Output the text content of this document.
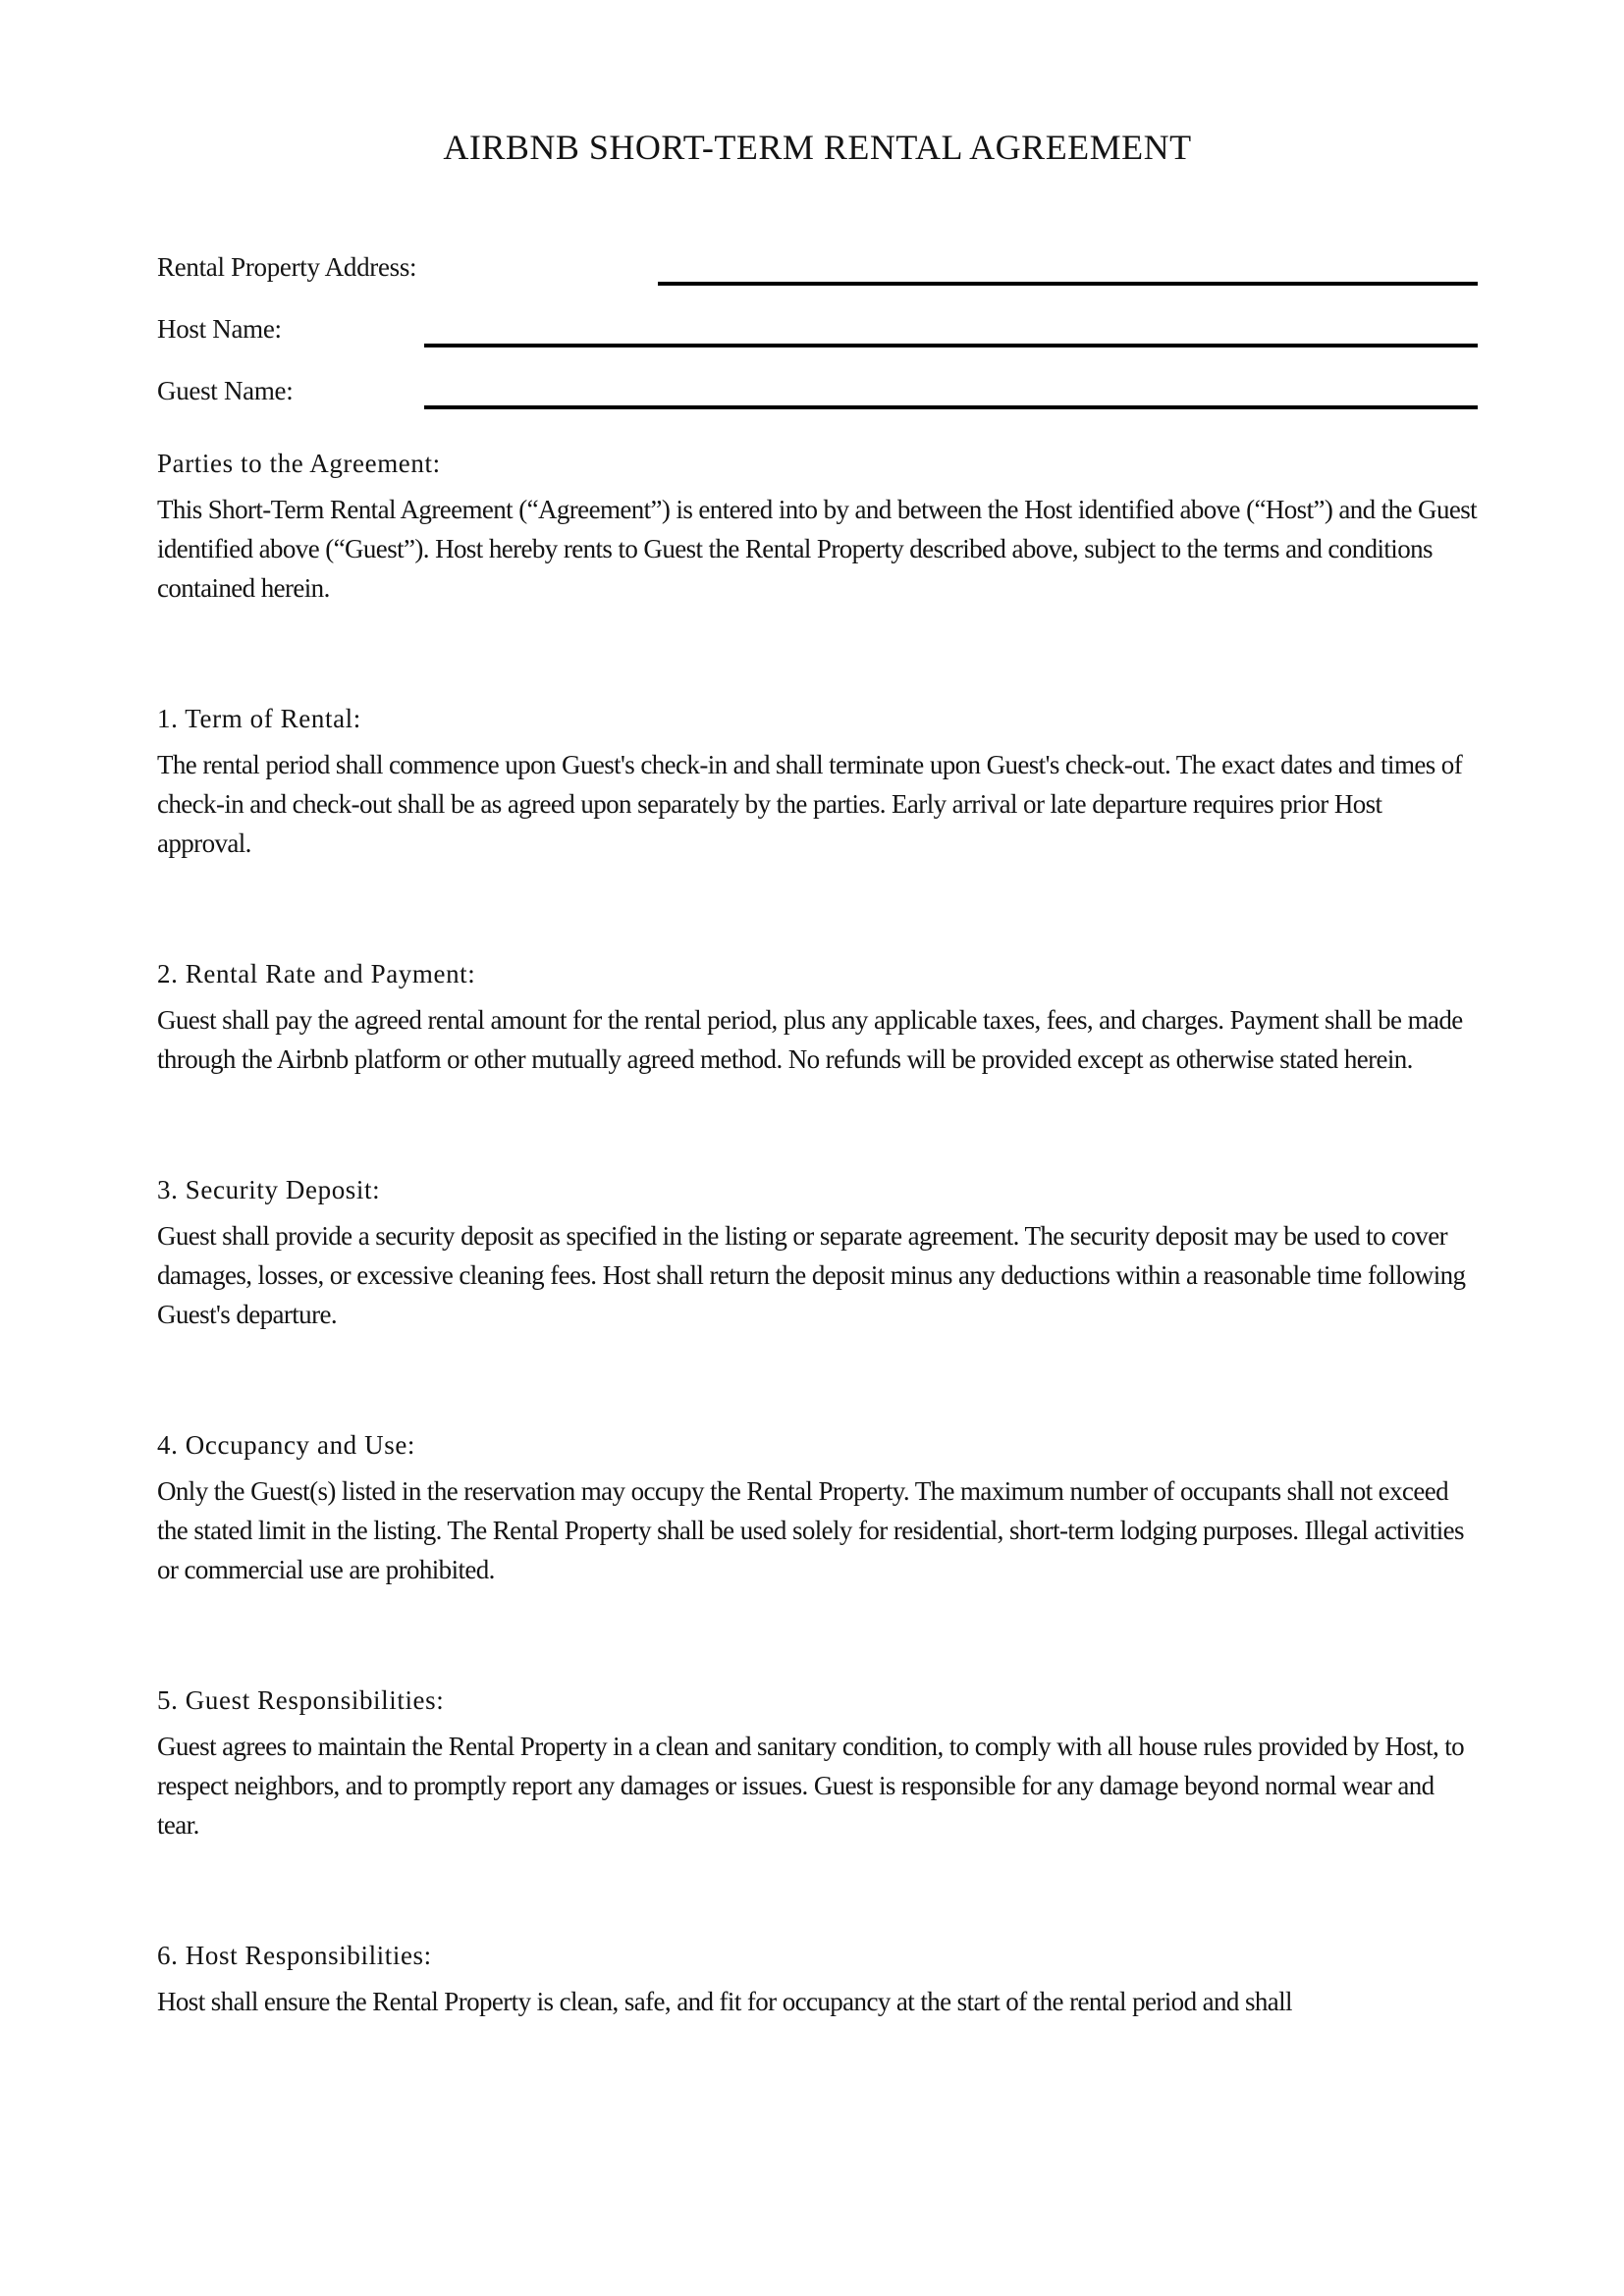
AIRBNB SHORT-TERM RENTAL AGREEMENT
Rental Property Address:
Host Name:
Guest Name:
Parties to the Agreement:

This Short-Term Rental Agreement (“Agreement”) is entered into by and between the Host identified above (“Host”) and the Guest identified above (“Guest”). Host hereby rents to Guest the Rental Property described above, subject to the terms and conditions contained herein.

1. Term of Rental:

The rental period shall commence upon Guest's check-in and shall terminate upon Guest's check-out. The exact dates and times of check-in and check-out shall be as agreed upon separately by the parties. Early arrival or late departure requires prior Host approval.

2. Rental Rate and Payment:

Guest shall pay the agreed rental amount for the rental period, plus any applicable taxes, fees, and charges. Payment shall be made through the Airbnb platform or other mutually agreed method. No refunds will be provided except as otherwise stated herein.

3. Security Deposit:

Guest shall provide a security deposit as specified in the listing or separate agreement. The security deposit may be used to cover damages, losses, or excessive cleaning fees. Host shall return the deposit minus any deductions within a reasonable time following Guest's departure.

4. Occupancy and Use:

Only the Guest(s) listed in the reservation may occupy the Rental Property. The maximum number of occupants shall not exceed the stated limit in the listing. The Rental Property shall be used solely for residential, short-term lodging purposes. Illegal activities or commercial use are prohibited.

5. Guest Responsibilities:

Guest agrees to maintain the Rental Property in a clean and sanitary condition, to comply with all house rules provided by Host, to respect neighbors, and to promptly report any damages or issues. Guest is responsible for any damage beyond normal wear and tear.

6. Host Responsibilities:

Host shall ensure the Rental Property is clean, safe, and fit for occupancy at the start of the rental period and shall
